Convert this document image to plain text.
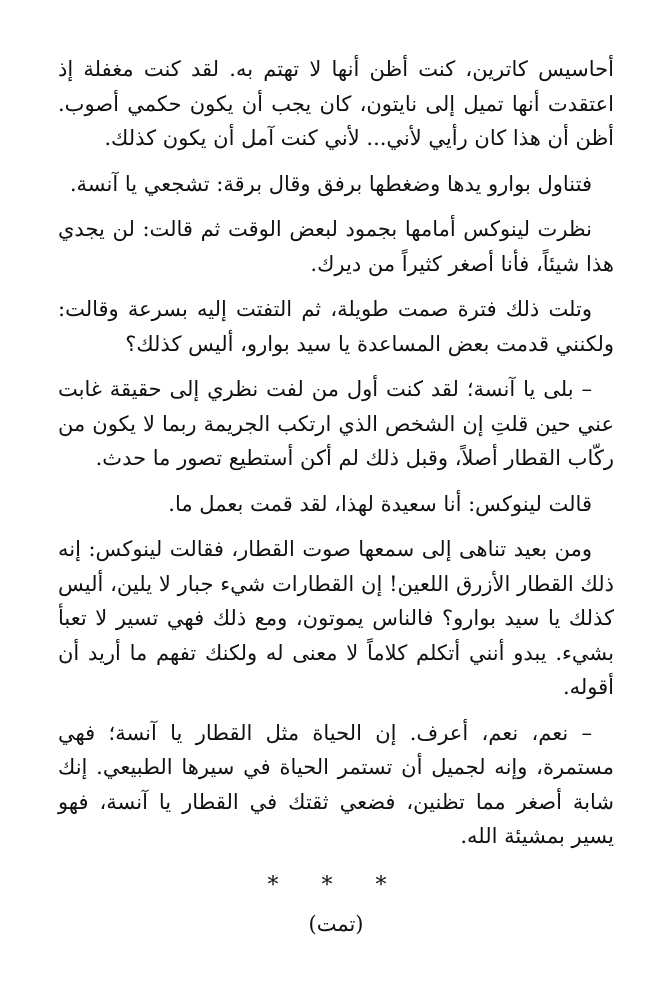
أحاسيس كاترين، كنت أظن أنها لا تهتم به. لقد كنت مغفلة إذ اعتقدت أنها تميل إلى نايتون، كان يجب أن يكون حكمي أصوب. أظن أن هذا كان رأيي لأني... لأني كنت آمل أن يكون كذلك.

فتناول بوارو يدها وضغطها برفق وقال برقة: تشجعي يا آنسة.

نظرت لينوكس أمامها بجمود لبعض الوقت ثم قالت: لن يجدي هذا شيئاً، فأنا أصغر كثيراً من ديرك.

وتلت ذلك فترة صمت طويلة، ثم التفتت إليه بسرعة وقالت: ولكنني قدمت بعض المساعدة يا سيد بوارو، أليس كذلك؟

– بلى يا آنسة؛ لقد كنت أول من لفت نظري إلى حقيقة غابت عني حين قلتِ إن الشخص الذي ارتكب الجريمة ربما لا يكون من ركّاب القطار أصلاً، وقبل ذلك لم أكن أستطيع تصور ما حدث.

قالت لينوكس: أنا سعيدة لهذا، لقد قمت بعمل ما.

ومن بعيد تناهى إلى سمعها صوت القطار، فقالت لينوكس: إنه ذلك القطار الأزرق اللعين! إن القطارات شيء جبار لا يلين، أليس كذلك يا سيد بوارو؟ فالناس يموتون، ومع ذلك فهي تسير لا تعبأ بشيء. يبدو أنني أتكلم كلاماً لا معنى له ولكنك تفهم ما أريد أن أقوله.

– نعم، نعم، أعرف. إن الحياة مثل القطار يا آنسة؛ فهي مستمرة، وإنه لجميل أن تستمر الحياة في سيرها الطبيعي. إنك شابة أصغر مما تظنين، فضعي ثقتك في القطار يا آنسة، فهو يسير بمشيئة الله.

* * *
(تمت)
